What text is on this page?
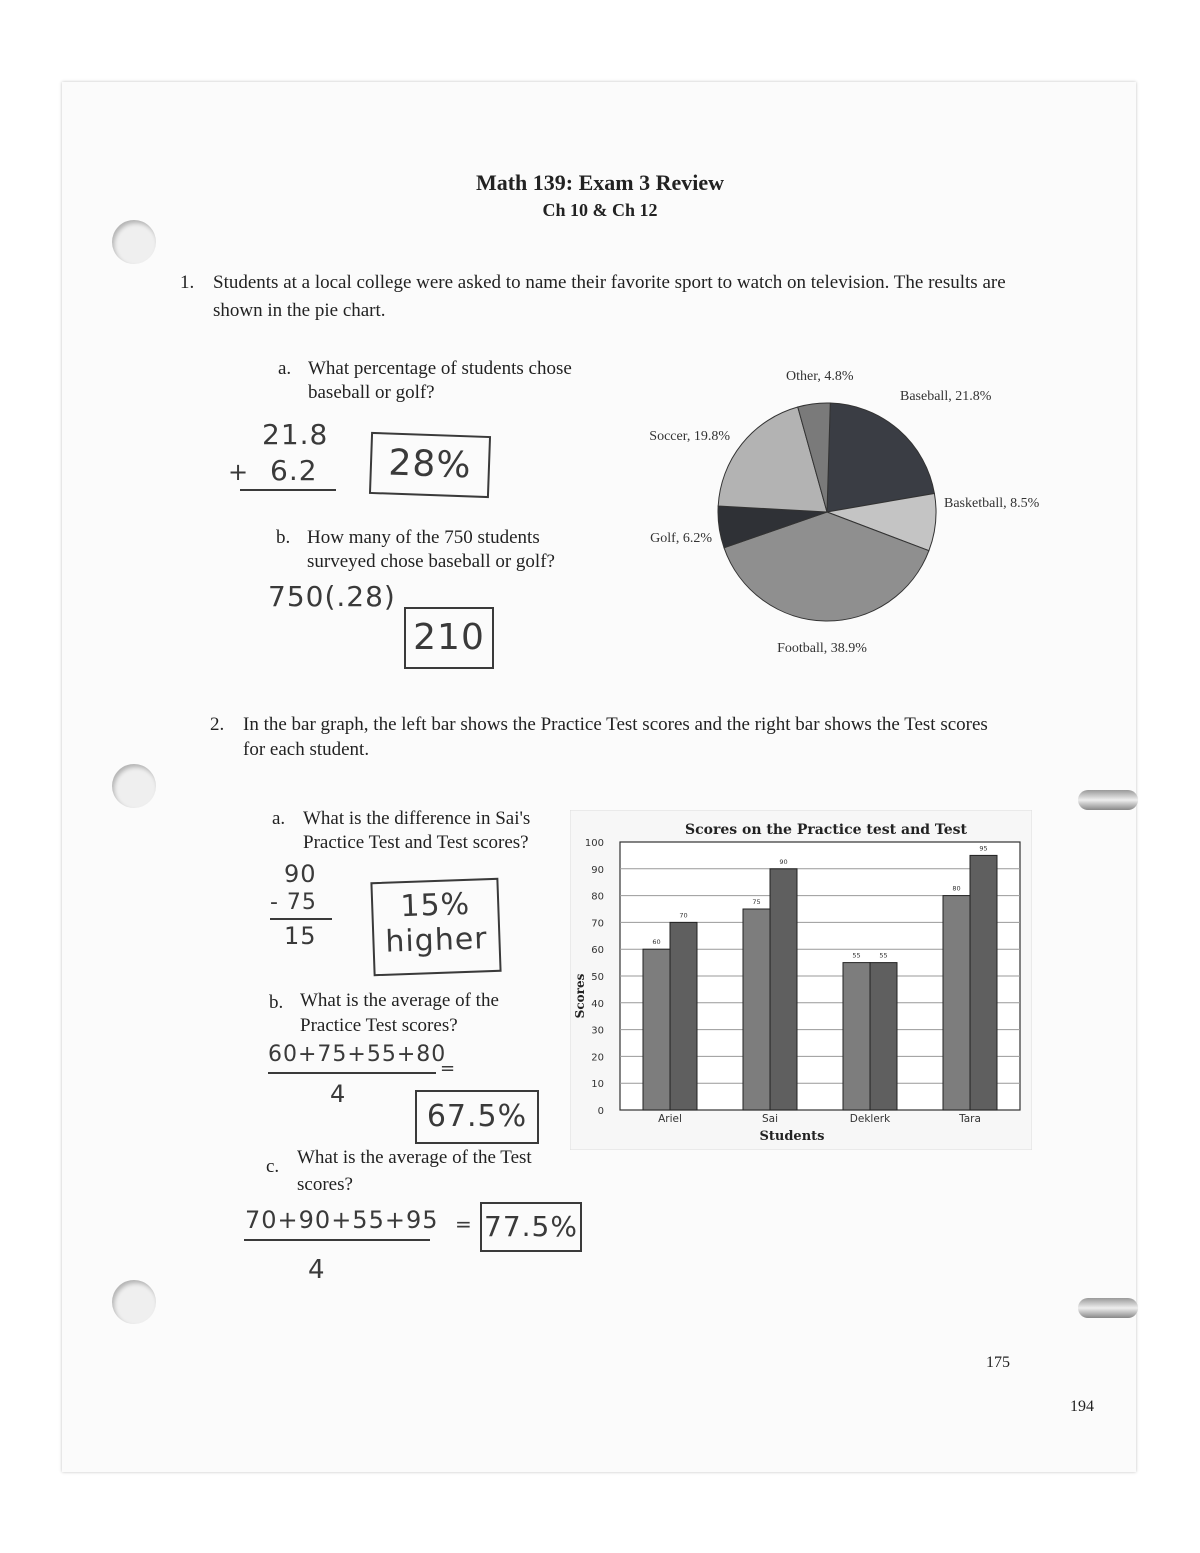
Math 139: Exam 3 Review
Ch 10 & Ch 12
1. Students at a local college were asked to name their favorite sport to watch on television. The results are
shown in the pie chart.
a. What percentage of students chose
baseball or golf?
21.8
+ 6.2	28%
b. How many of the 750 students
surveyed chose baseball or golf?
750(.28)
210
Baseball, 21.8%
Basketball, 8.5%
Football, 38.9%
Golf, 6.2%
Soccer, 19.8%
Other, 4.8%
2. In the bar graph, the left bar shows the Practice Test scores and the right bar shows the Test scores
for each student.
a. What is the difference in Sai's
Practice Test and Test scores?
90
- 75
15
15%
higher
b. What is the average of the
Practice Test scores?
60+75+55+80
=
4
67.5%
c. What is the average of the Test
scores?
70+90+55+95 =
4
77.5%
Scores on the Practice test and Test
Scores
Students
60
70
75
90
55	55
80
95
0
10
20
30
40
50
60
70
80
90
100
Ariel	Sai	Deklerk	Tara
175
194
